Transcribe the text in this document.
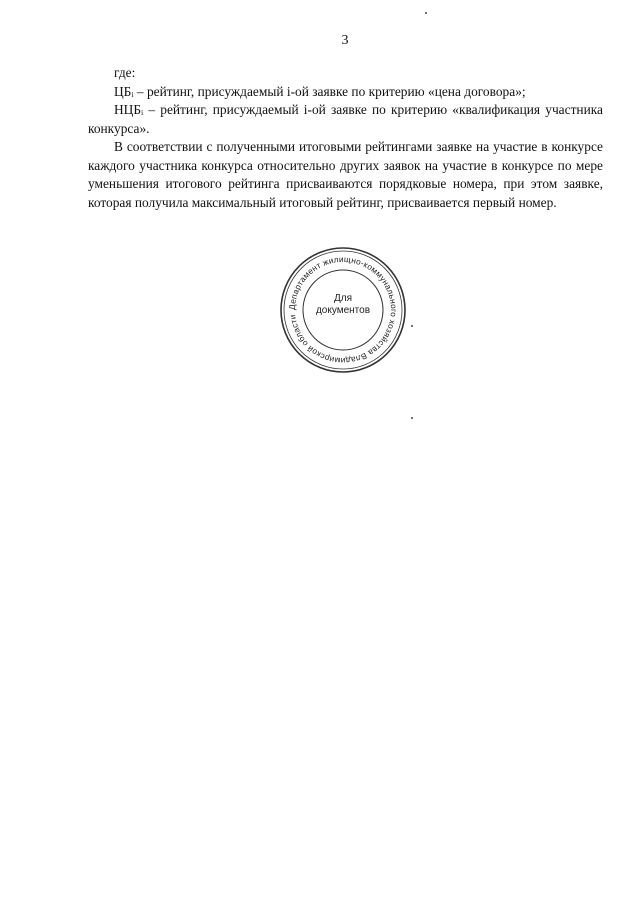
3

где:

ЦБᵢ – рейтинг, присуждаемый i-ой заявке по критерию «цена договора»;

НЦБᵢ – рейтинг, присуждаемый i-ой заявке по критерию «квалификация участника конкурса».

В соответствии с полученными итоговыми рейтингами заявке на участие в конкурсе каждого участника конкурса относительно других заявок на участие в конкурсе по мере уменьшения итогового рейтинга присваиваются порядковые номера, при этом заявке, которая получила максимальный итоговый рейтинг, присваивается первый номер.

Департамент жилищно-коммунального хозяйства Владимирской области
Для
документов
